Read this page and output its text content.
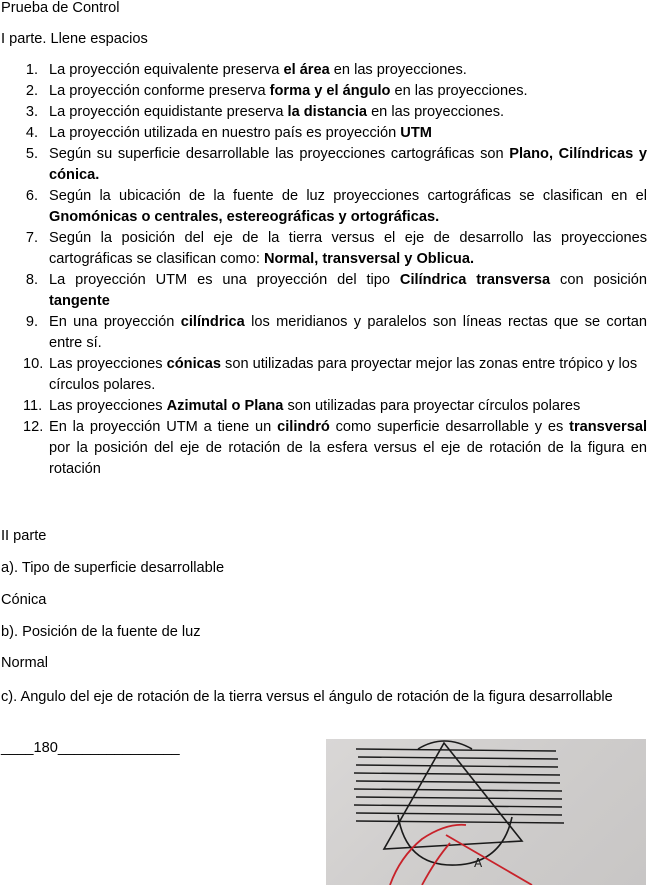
Prueba de Control
I parte. Llene espacios
1. La proyección equivalente preserva el área en las proyecciones.
2. La proyección conforme preserva forma y el ángulo en las proyecciones.
3. La proyección equidistante preserva la distancia en las proyecciones.
4. La proyección utilizada en nuestro país es proyección UTM
5. Según su superficie desarrollable las proyecciones cartográficas son Plano, Cilíndricas y cónica.
6. Según la ubicación de la fuente de luz proyecciones cartográficas se clasifican en el Gnomónicas o centrales, estereográficas y ortográficas.
7. Según la posición del eje de la tierra versus el eje de desarrollo las proyecciones cartográficas se clasifican como: Normal, transversal y Oblicua.
8. La proyección UTM es una proyección del tipo Cilíndrica transversa con posición tangente
9. En una proyección cilíndrica los meridianos y paralelos son líneas rectas que se cortan entre sí.
10. Las proyecciones cónicas son utilizadas para proyectar mejor las zonas entre trópico y los círculos polares.
11. Las proyecciones Azimutal o Plana son utilizadas para proyectar círculos polares
12. En la proyección UTM a tiene un cilindró como superficie desarrollable y es transversal por la posición del eje de rotación de la esfera versus el eje de rotación de la figura en rotación
II parte
a). Tipo de superficie desarrollable
Cónica
b). Posición de la fuente de luz
Normal
c). Angulo del eje de rotación de la tierra versus el ángulo de rotación de la figura desarrollable
____180_______________
A
